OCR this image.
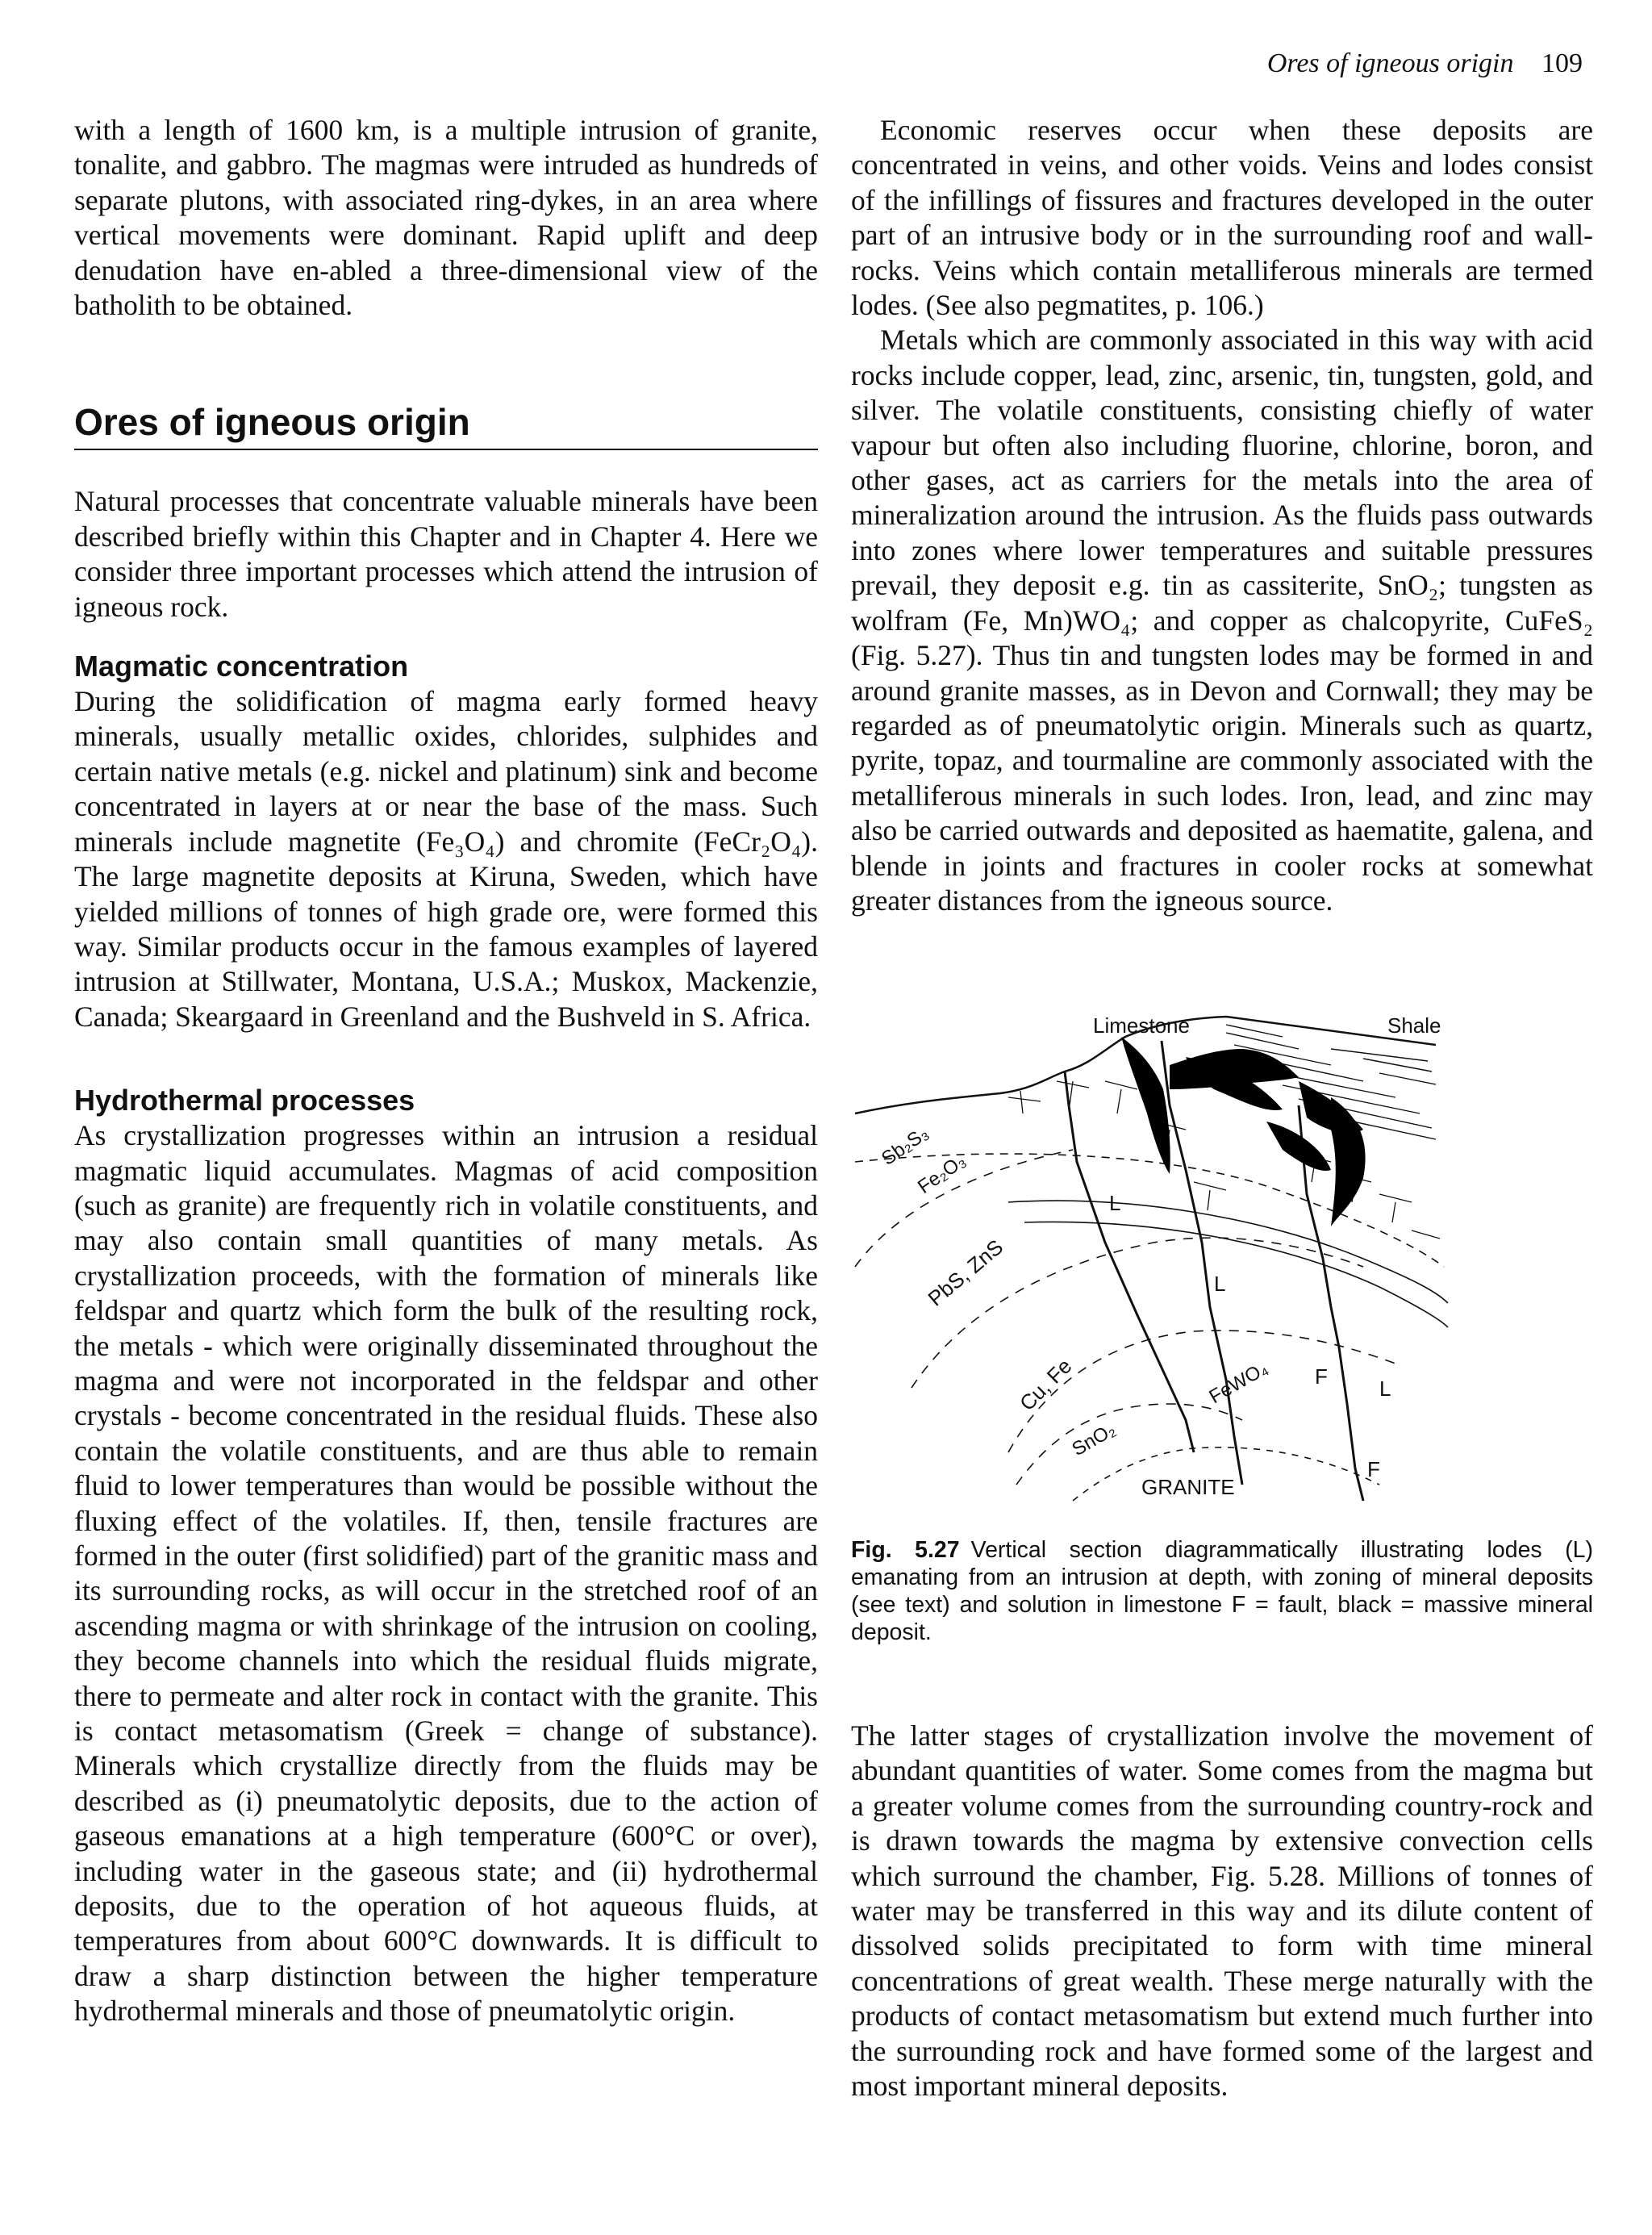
Ores of igneous origin 109

with a length of 1600 km, is a multiple intrusion of granite, tonalite, and gabbro. The magmas were intruded as hundreds of separate plutons, with associated ring-dykes, in an area where vertical movements were dominant. Rapid uplift and deep denudation have en-abled a three-dimensional view of the batholith to be obtained.

Ores of igneous origin

Natural processes that concentrate valuable minerals have been described briefly within this Chapter and in Chapter 4. Here we consider three important processes which attend the intrusion of igneous rock.

Magmatic concentration

During the solidification of magma early formed heavy minerals, usually metallic oxides, chlorides, sulphides and certain native metals (e.g. nickel and platinum) sink and become concentrated in layers at or near the base of the mass. Such minerals include magnetite (Fe₃O₄) and chromite (FeCr₂O₄). The large magnetite deposits at Kiruna, Sweden, which have yielded millions of tonnes of high grade ore, were formed this way. Similar products occur in the famous examples of layered intrusion at Stillwater, Montana, U.S.A.; Muskox, Mackenzie, Canada; Skeargaard in Greenland and the Bushveld in S. Africa.

Hydrothermal processes

As crystallization progresses within an intrusion a residual magmatic liquid accumulates. Magmas of acid composition (such as granite) are frequently rich in volatile constituents, and may also contain small quantities of many metals. As crystallization proceeds, with the formation of minerals like feldspar and quartz which form the bulk of the resulting rock, the metals - which were originally disseminated throughout the magma and were not incorporated in the feldspar and other crystals - become concentrated in the residual fluids. These also contain the volatile constituents, and are thus able to remain fluid to lower temperatures than would be possible without the fluxing effect of the volatiles. If, then, tensile fractures are formed in the outer (first solidified) part of the granitic mass and its surrounding rocks, as will occur in the stretched roof of an ascending magma or with shrinkage of the intrusion on cooling, they become channels into which the residual fluids migrate, there to permeate and alter rock in contact with the granite. This is contact metasomatism (Greek = change of substance). Minerals which crystallize directly from the fluids may be described as (i) pneumatolytic deposits, due to the action of gaseous emanations at a high temperature (600°C or over), including water in the gaseous state; and (ii) hydrothermal deposits, due to the operation of hot aqueous fluids, at temperatures from about 600°C downwards. It is difficult to draw a sharp distinction between the higher temperature hydrothermal minerals and those of pneumatolytic origin.

Economic reserves occur when these deposits are concentrated in veins, and other voids. Veins and lodes consist of the infillings of fissures and fractures developed in the outer part of an intrusive body or in the surrounding roof and wall-rocks. Veins which contain metalliferous minerals are termed lodes. (See also pegmatites, p. 106.)

Metals which are commonly associated in this way with acid rocks include copper, lead, zinc, arsenic, tin, tungsten, gold, and silver. The volatile constituents, consisting chiefly of water vapour but often also including fluorine, chlorine, boron, and other gases, act as carriers for the metals into the area of mineralization around the intrusion. As the fluids pass outwards into zones where lower temperatures and suitable pressures prevail, they deposit e.g. tin as cassiterite, SnO₂; tungsten as wolfram (Fe, Mn)WO₄; and copper as chalcopyrite, CuFeS₂ (Fig. 5.27). Thus tin and tungsten lodes may be formed in and around granite masses, as in Devon and Cornwall; they may be regarded as of pneumatolytic origin. Minerals such as quartz, pyrite, topaz, and tourmaline are commonly associated with the metalliferous minerals in such lodes. Iron, lead, and zinc may also be carried outwards and deposited as haematite, galena, and blende in joints and fractures in cooler rocks at somewhat greater distances from the igneous source.

Limestone	Shale
Sb₂S₃
Fe₂O₃
PbS, ZnS
Cu, Fe	FeWO₄
SnO₂
GRANITE
L
L
L
F
F
Fig. 5.27 Vertical section diagrammatically illustrating lodes (L) emanating from an intrusion at depth, with zoning of mineral deposits (see text) and solution in limestone F = fault, black = massive mineral deposit.

The latter stages of crystallization involve the movement of abundant quantities of water. Some comes from the magma but a greater volume comes from the surrounding country-rock and is drawn towards the magma by extensive convection cells which surround the chamber, Fig. 5.28. Millions of tonnes of water may be transferred in this way and its dilute content of dissolved solids precipitated to form with time mineral concentrations of great wealth. These merge naturally with the products of contact metasomatism but extend much further into the surrounding rock and have formed some of the largest and most important mineral deposits.
